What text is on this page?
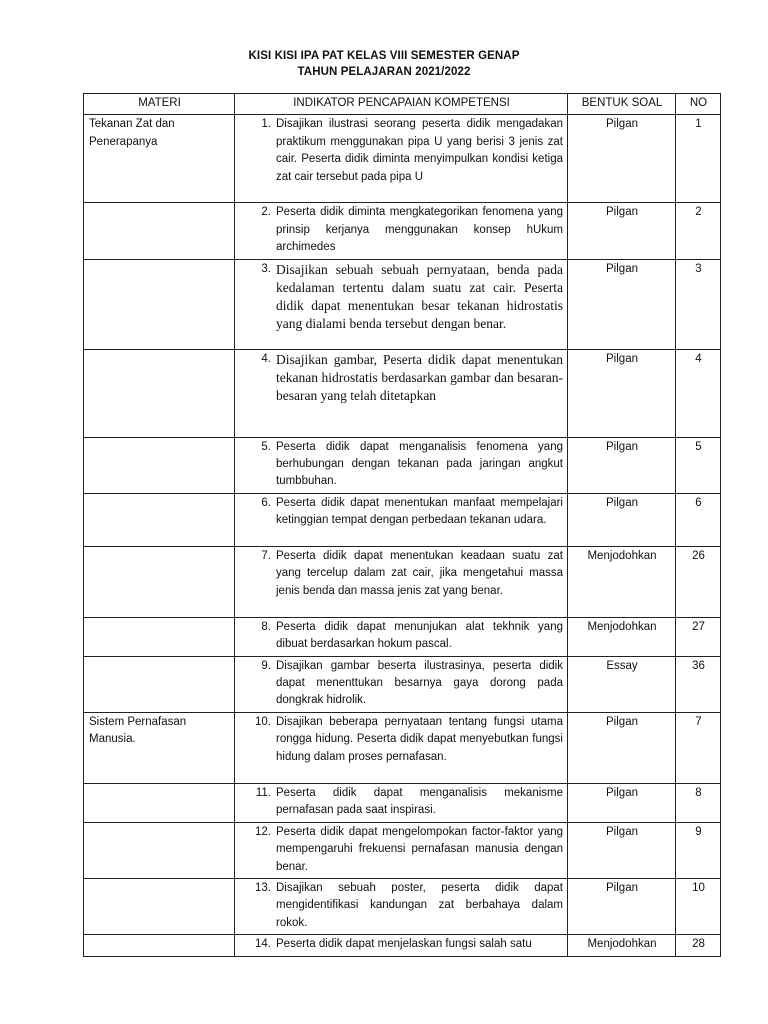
KISI KISI IPA PAT KELAS VIII SEMESTER GENAP
TAHUN PELAJARAN 2021/2022
MATERI	INDIKATOR PENCAPAIAN KOMPETENSI	BENTUK SOAL	NO
Tekanan Zat dan Penerapanya	1. Disajikan ilustrasi seorang peserta didik mengadakan praktikum menggunakan pipa U yang berisi 3 jenis zat cair. Peserta didik diminta menyimpulkan kondisi ketiga zat cair tersebut pada pipa U	Pilgan	1

	2. Peserta didik diminta mengkategorikan fenomena yang prinsip kerjanya menggunakan konsep hUkum archimedes	Pilgan	2

	3. Disajikan sebuah sebuah pernyataan, benda pada kedalaman tertentu dalam suatu zat cair. Peserta didik dapat menentukan besar tekanan hidrostatis yang dialami benda tersebut dengan benar.	Pilgan	3

	4. Disajikan gambar, Peserta didik dapat menentukan tekanan hidrostatis berdasarkan gambar dan besaran-besaran yang telah ditetapkan	Pilgan	4

	5. Peserta didik dapat menganalisis fenomena yang berhubungan dengan tekanan pada jaringan angkut tumbbuhan.	Pilgan	5

	6. Peserta didik dapat menentukan manfaat mempelajari ketinggian tempat dengan perbedaan tekanan udara.	Pilgan	6

	7. Peserta didik dapat menentukan keadaan suatu zat yang tercelup dalam zat cair, jika mengetahui massa jenis benda dan massa jenis zat yang benar.	Menjodohkan	26

	8. Peserta didik dapat menunjukan alat tekhnik yang dibuat berdasarkan hokum pascal.	Menjodohkan	27

	9. Disajikan gambar beserta ilustrasinya, peserta didik dapat menenttukan besarnya gaya dorong pada dongkrak hidrolik.	Essay	36
Sistem Pernafasan Manusia.	10. Disajikan beberapa pernyataan tentang fungsi utama rongga hidung. Peserta didik dapat menyebutkan fungsi hidung dalam proses pernafasan.	Pilgan	7

	11. Peserta didik dapat menganalisis mekanisme pernafasan pada saat inspirasi.	Pilgan	8

	12. Peserta didik dapat mengelompokan factor-faktor yang mempengaruhi frekuensi pernafasan manusia dengan benar.	Pilgan	9

	13. Disajikan sebuah poster, peserta didik dapat mengidentifikasi kandungan zat berbahaya dalam rokok.	Pilgan	10

	14. Peserta didik dapat menjelaskan fungsi salah satu	Menjodohkan	28
